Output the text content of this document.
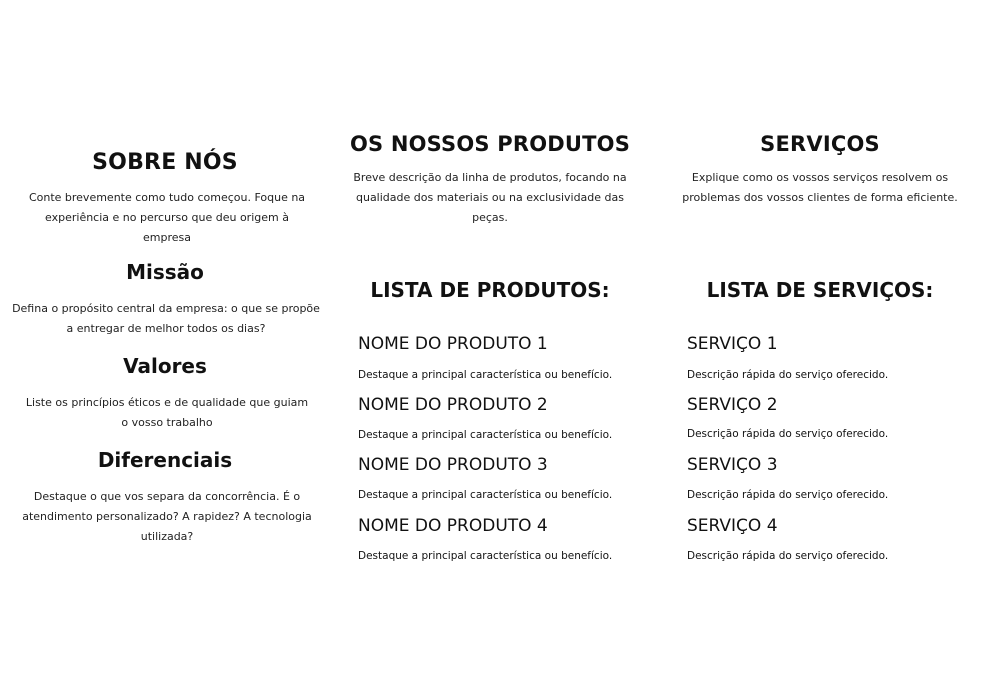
SOBRE NÓS

Conte brevemente como tudo começou. Foque na experiência e no percurso que deu origem à empresa

Missão

Defina o propósito central da empresa: o que se propõe a entregar de melhor todos os dias?

Valores

Liste os princípios éticos e de qualidade que guiam o vosso trabalho

Diferenciais

Destaque o que vos separa da concorrência. É o atendimento personalizado? A rapidez? A tecnologia utilizada?

OS NOSSOS PRODUTOS

Breve descrição da linha de produtos, focando na qualidade dos materiais ou na exclusividade das peças.

LISTA DE PRODUTOS:
NOME DO PRODUTO 1
Destaque a principal característica ou benefício.
NOME DO PRODUTO 2
Destaque a principal característica ou benefício.
NOME DO PRODUTO 3
Destaque a principal característica ou benefício.
NOME DO PRODUTO 4
Destaque a principal característica ou benefício.
SERVIÇOS

Explique como os vossos serviços resolvem os problemas dos vossos clientes de forma eficiente.

LISTA DE SERVIÇOS:
SERVIÇO 1
Descrição rápida do serviço oferecido.
SERVIÇO 2
Descrição rápida do serviço oferecido.
SERVIÇO 3
Descrição rápida do serviço oferecido.
SERVIÇO 4
Descrição rápida do serviço oferecido.
